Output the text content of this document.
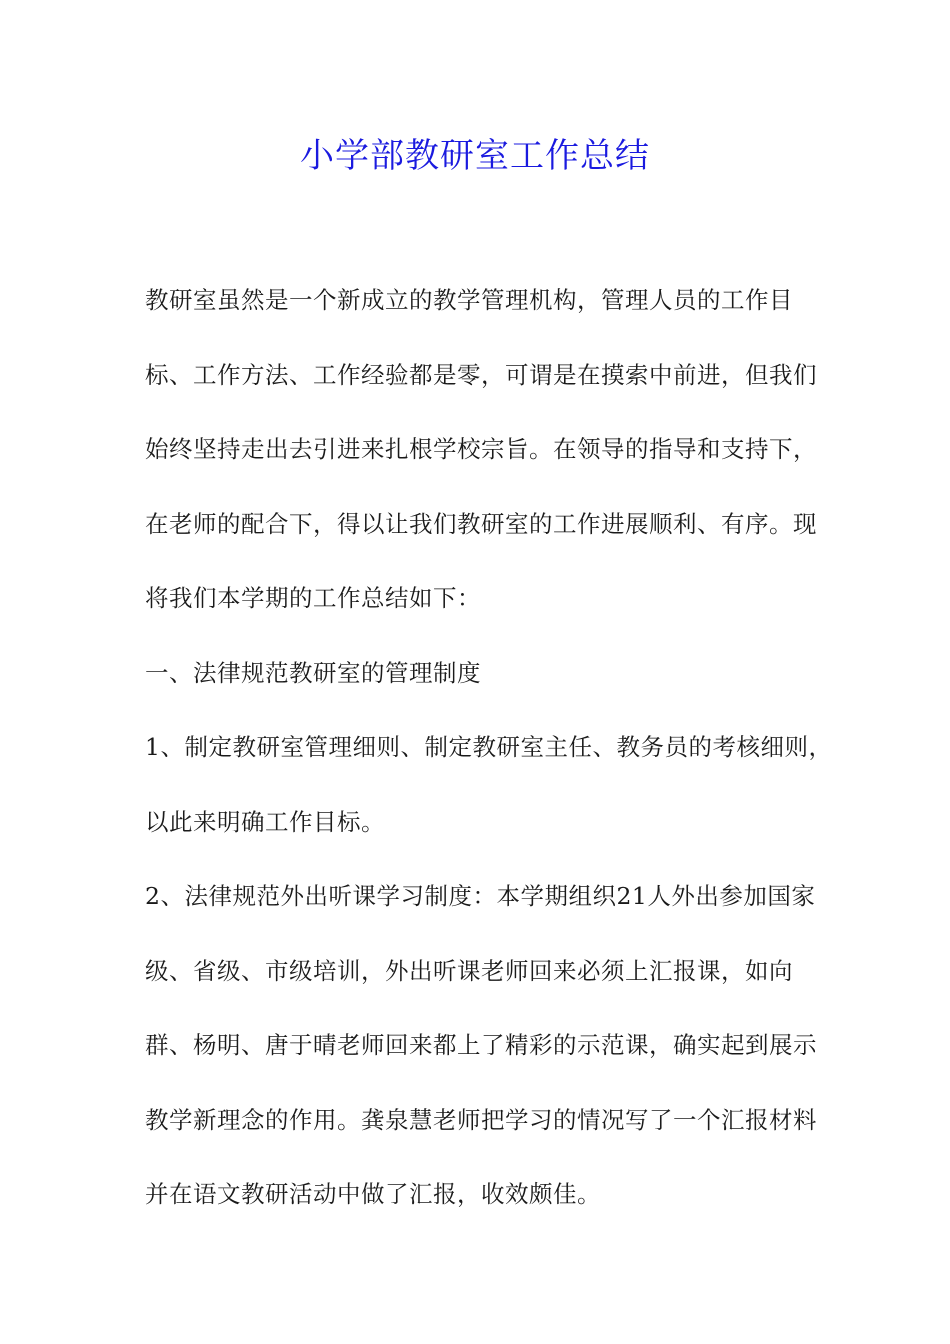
小学部教研室工作总结

教研室虽然是一个新成立的教学管理机构，管理人员的工作目标、工作方法、工作经验都是零，可谓是在摸索中前进，但我们始终坚持走出去引进来扎根学校宗旨。在领导的指导和支持下，在老师的配合下，得以让我们教研室的工作进展顺利、有序。现将我们本学期的工作总结如下：

一、法律规范教研室的管理制度

1、制定教研室管理细则、制定教研室主任、教务员的考核细则，以此来明确工作目标。

2、法律规范外出听课学习制度：本学期组织21人外出参加国家级、省级、市级培训，外出听课老师回来必须上汇报课，如向群、杨明、唐于晴老师回来都上了精彩的示范课，确实起到展示教学新理念的作用。龚泉慧老师把学习的情况写了一个汇报材料并在语文教研活动中做了汇报，收效颇佳。
